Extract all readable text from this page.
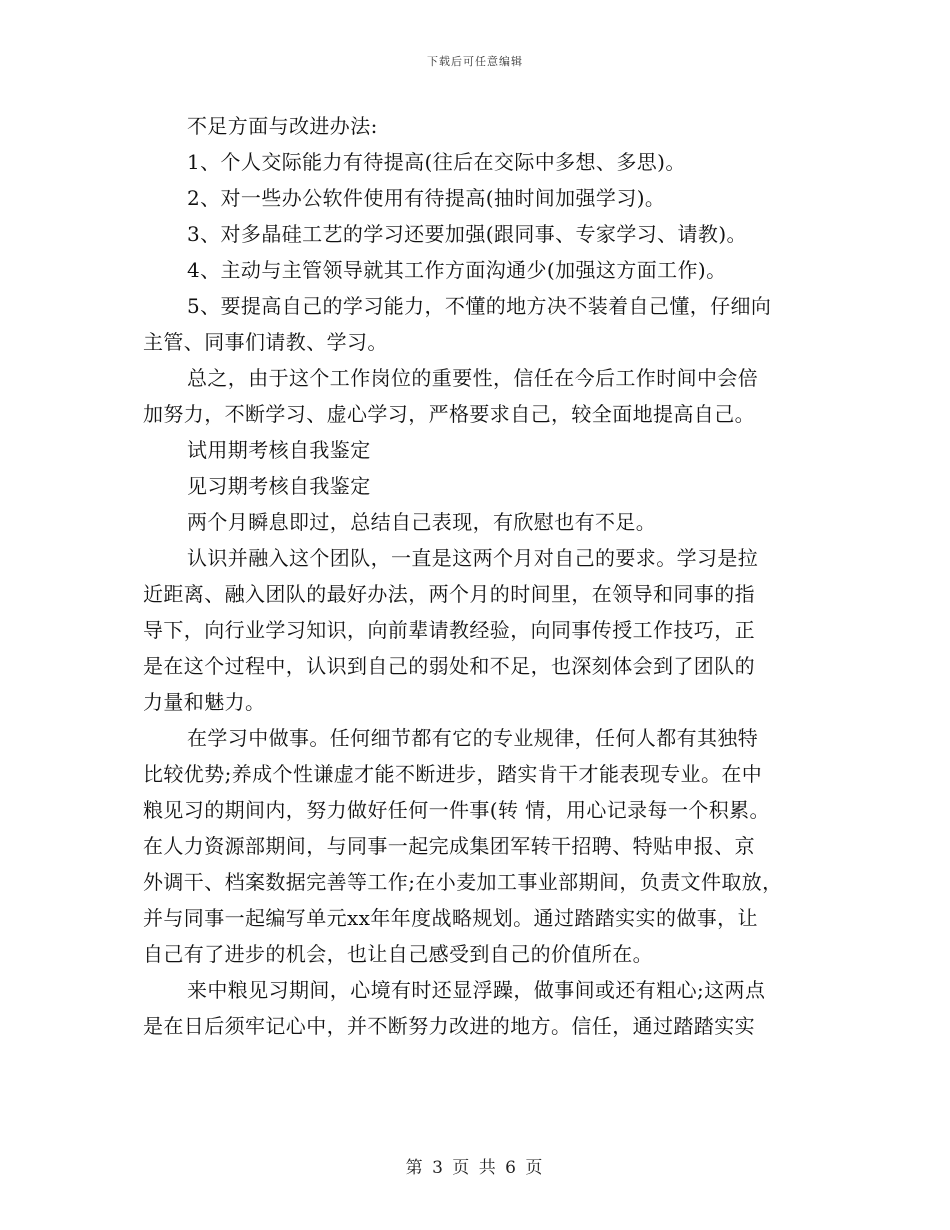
下载后可任意编辑
不足方面与改进办法:
1、个人交际能力有待提高(往后在交际中多想、多思)。
2、对一些办公软件使用有待提高(抽时间加强学习)。
3、对多晶硅工艺的学习还要加强(跟同事、专家学习、请教)。
4、主动与主管领导就其工作方面沟通少(加强这方面工作)。
5、要提高自己的学习能力，不懂的地方决不装着自己懂，仔细向
主管、同事们请教、学习。
总之，由于这个工作岗位的重要性，信任在今后工作时间中会倍
加努力，不断学习、虚心学习，严格要求自己，较全面地提高自己。
试用期考核自我鉴定
见习期考核自我鉴定
两个月瞬息即过，总结自己表现，有欣慰也有不足。
认识并融入这个团队，一直是这两个月对自己的要求。学习是拉
近距离、融入团队的最好办法，两个月的时间里，在领导和同事的指
导下，向行业学习知识，向前辈请教经验，向同事传授工作技巧，正
是在这个过程中，认识到自己的弱处和不足，也深刻体会到了团队的
力量和魅力。
在学习中做事。任何细节都有它的专业规律，任何人都有其独特
比较优势;养成个性谦虚才能不断进步，踏实肯干才能表现专业。在中
粮见习的期间内，努力做好任何一件事(转 情，用心记录每一个积累。
在人力资源部期间，与同事一起完成集团军转干招聘、特贴申报、京
外调干、档案数据完善等工作;在小麦加工事业部期间，负责文件取放，
并与同事一起编写单元xx年年度战略规划。通过踏踏实实的做事，让
自己有了进步的机会，也让自己感受到自己的价值所在。
来中粮见习期间，心境有时还显浮躁，做事间或还有粗心;这两点
是在日后须牢记心中，并不断努力改进的地方。信任，通过踏踏实实
第 3 页 共 6 页
